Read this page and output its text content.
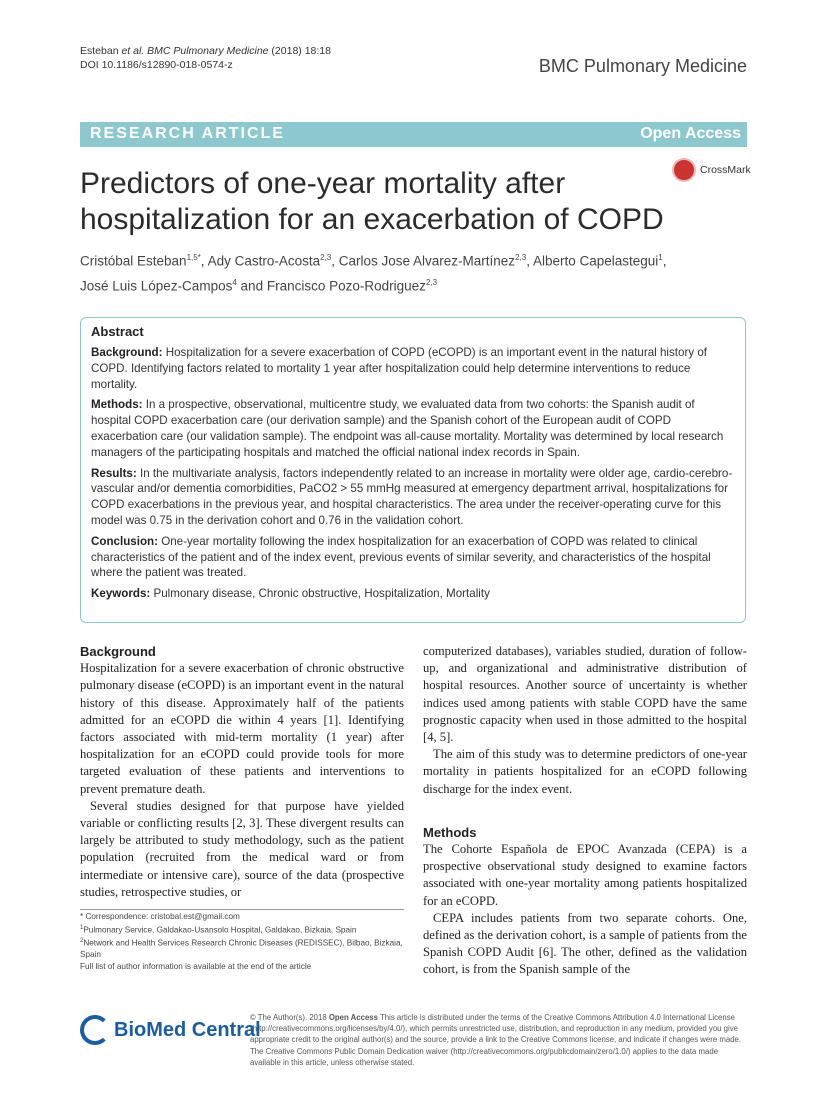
Esteban et al. BMC Pulmonary Medicine (2018) 18:18
DOI 10.1186/s12890-018-0574-z	BMC Pulmonary Medicine
RESEARCH ARTICLE	Open Access
Predictors of one-year mortality after hospitalization for an exacerbation of COPD
CrossMark
Cristóbal Esteban$^{1,5*}$, Ady Castro-Acosta$^{2,3}$, Carlos Jose Alvarez-Martínez$^{2,3}$, Alberto Capelastegui$^1$,
José Luis López-Campos$^4$ and Francisco Pozo-Rodriguez$^{2,3}$
Abstract

Background: Hospitalization for a severe exacerbation of COPD (eCOPD) is an important event in the natural history of COPD. Identifying factors related to mortality 1 year after hospitalization could help determine interventions to reduce mortality.

Methods: In a prospective, observational, multicentre study, we evaluated data from two cohorts: the Spanish audit of hospital COPD exacerbation care (our derivation sample) and the Spanish cohort of the European audit of COPD exacerbation care (our validation sample). The endpoint was all-cause mortality. Mortality was determined by local research managers of the participating hospitals and matched the official national index records in Spain.

Results: In the multivariate analysis, factors independently related to an increase in mortality were older age, cardio-cerebro-vascular and/or dementia comorbidities, PaCO2 > 55 mmHg measured at emergency department arrival, hospitalizations for COPD exacerbations in the previous year, and hospital characteristics. The area under the receiver-operating curve for this model was 0.75 in the derivation cohort and 0.76 in the validation cohort.

Conclusion: One-year mortality following the index hospitalization for an exacerbation of COPD was related to clinical characteristics of the patient and of the index event, previous events of similar severity, and characteristics of the hospital where the patient was treated.

Keywords: Pulmonary disease, Chronic obstructive, Hospitalization, Mortality

Background

Hospitalization for a severe exacerbation of chronic obstructive pulmonary disease (eCOPD) is an important event in the natural history of this disease. Approximately half of the patients admitted for an eCOPD die within 4 years [1]. Identifying factors associated with mid-term mortality (1 year) after hospitalization for an eCOPD could provide tools for more targeted evaluation of these patients and interventions to prevent premature death.

Several studies designed for that purpose have yielded variable or conflicting results [2, 3]. These divergent results can largely be attributed to study methodology, such as the patient population (recruited from the medical ward or from intermediate or intensive care), source of the data (prospective studies, retrospective studies, or

computerized databases), variables studied, duration of follow-up, and organizational and administrative distribution of hospital resources. Another source of uncertainty is whether indices used among patients with stable COPD have the same prognostic capacity when used in those admitted to the hospital [4, 5].

The aim of this study was to determine predictors of one-year mortality in patients hospitalized for an eCOPD following discharge for the index event.

Methods

The Cohorte Española de EPOC Avanzada (CEPA) is a prospective observational study designed to examine factors associated with one-year mortality among patients hospitalized for an eCOPD.

CEPA includes patients from two separate cohorts. One, defined as the derivation cohort, is a sample of patients from the Spanish COPD Audit [6]. The other, defined as the validation cohort, is from the Spanish sample of the

* Correspondence: cristobal.est@gmail.com
$^1$Pulmonary Service, Galdakao-Usansolo Hospital, Galdakao, Bizkaia, Spain
$^2$Network and Health Services Research Chronic Diseases (REDISSEC), Bilbao, Bizkaia, Spain
Full list of author information is available at the end of the article
BioMed Central
© The Author(s). 2018 Open Access This article is distributed under the terms of the Creative Commons Attribution 4.0 International License (http://creativecommons.org/licenses/by/4.0/), which permits unrestricted use, distribution, and reproduction in any medium, provided you give appropriate credit to the original author(s) and the source, provide a link to the Creative Commons license, and indicate if changes were made. The Creative Commons Public Domain Dedication waiver (http://creativecommons.org/publicdomain/zero/1.0/) applies to the data made available in this article, unless otherwise stated.
